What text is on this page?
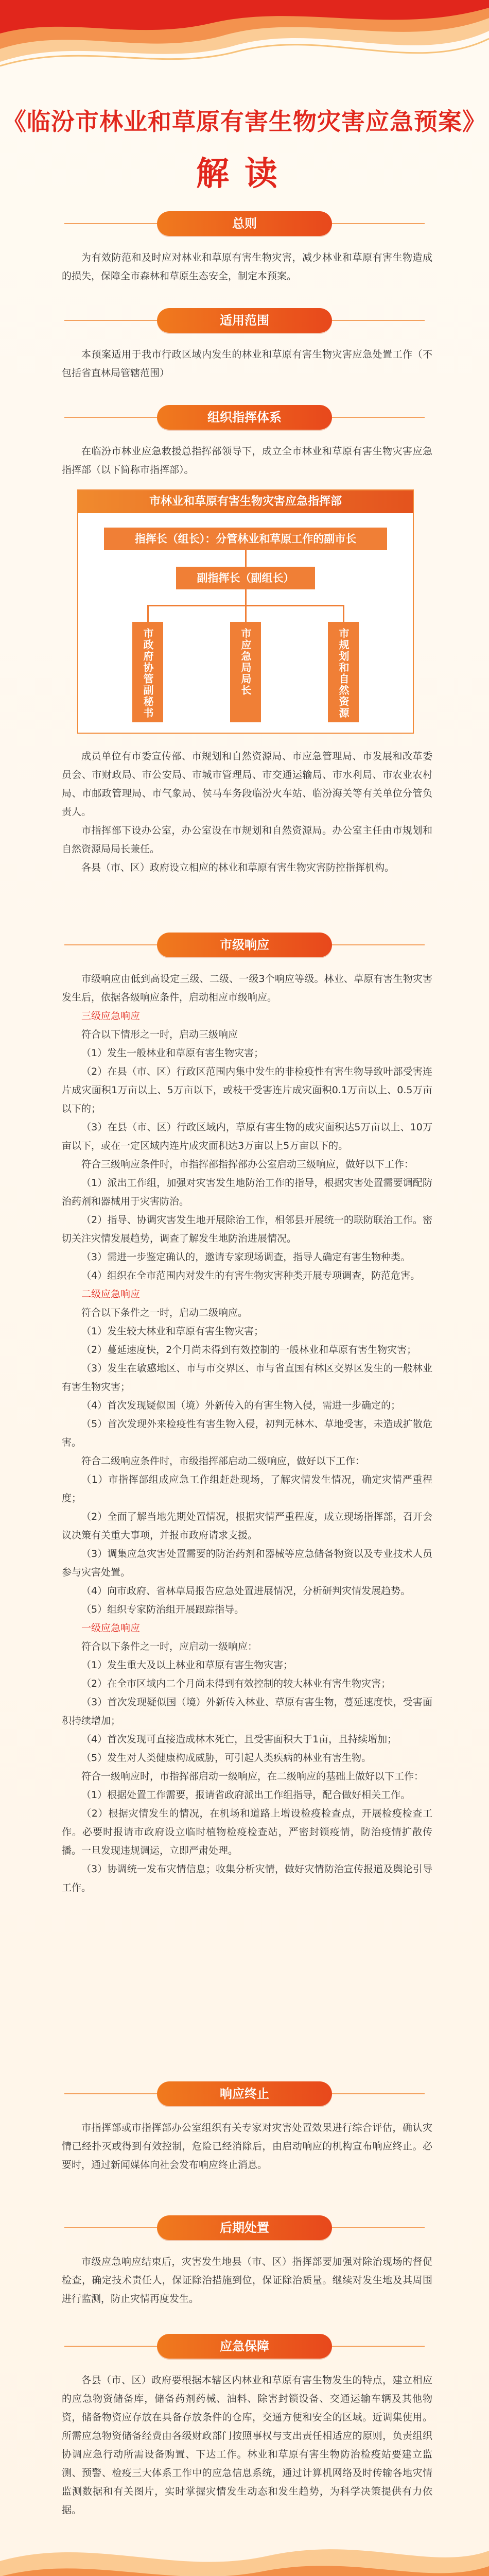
《临汾市林业和草原有害生物灾害应急预案》
解读
总则

为有效防范和及时应对林业和草原有害生物灾害，减少林业和草原有害生物造成的损失，保障全市森林和草原生态安全，制定本预案。

适用范围

本预案适用于我市行政区域内发生的林业和草原有害生物灾害应急处置工作（不包括省直林局管辖范围）

组织指挥体系

在临汾市林业应急救援总指挥部领导下，成立全市林业和草原有害生物灾害应急指挥部（以下简称市指挥部）。

市林业和草原有害生物灾害应急指挥部
指挥长（组长）：分管林业和草原工作的副市长
副指挥长（副组长）
市政府协管副秘书长	市应急局局长	市规划和自然资源局局长

成员单位有市委宣传部、市规划和自然资源局、市应急管理局、市发展和改革委员会、市财政局、市公安局、市城市管理局、市交通运输局、市水利局、市农业农村局、市邮政管理局、市气象局、侯马车务段临汾火车站、临汾海关等有关单位分管负责人。

市指挥部下设办公室，办公室设在市规划和自然资源局。办公室主任由市规划和自然资源局局长兼任。

各县（市、区）政府设立相应的林业和草原有害生物灾害防控指挥机构。

市级响应

市级响应由低到高设定三级、二级、一级3个响应等级。林业、草原有害生物灾害发生后，依据各级响应条件，启动相应市级响应。

三级应急响应

符合以下情形之一时，启动三级响应

（1）发生一般林业和草原有害生物灾害；

（2）在县（市、区）行政区范围内集中发生的非检疫性有害生物导致叶部受害连片成灾面积1万亩以上、5万亩以下，或枝干受害连片成灾面积0.1万亩以上、0.5万亩以下的；

（3）在县（市、区）行政区域内，草原有害生物的成灾面积达5万亩以上、10万亩以下，或在一定区域内连片成灾面积达3万亩以上5万亩以下的。

符合三级响应条件时，市指挥部指挥部办公室启动三级响应，做好以下工作：

（1）派出工作组，加强对灾害发生地防治工作的指导，根据灾害处置需要调配防治药剂和器械用于灾害防治。

（2）指导、协调灾害发生地开展除治工作，相邻县开展统一的联防联治工作。密切关注灾情发展趋势，调查了解发生地防治进展情况。

（3）需进一步鉴定确认的，邀请专家现场调查，指导人确定有害生物种类。

（4）组织在全市范围内对发生的有害生物灾害种类开展专项调查，防范危害。

二级应急响应

符合以下条件之一时，启动二级响应。

（1）发生较大林业和草原有害生物灾害；

（2）蔓延速度快，2个月尚未得到有效控制的一般林业和草原有害生物灾害；

（3）发生在敏感地区、市与市交界区、市与省直国有林区交界区发生的一般林业有害生物灾害；

（4）首次发现疑似国（境）外新传入的有害生物入侵，需进一步确定的；

（5）首次发现外来检疫性有害生物入侵，初判无林木、草地受害，未造成扩散危害。

符合二级响应条件时，市级指挥部启动二级响应，做好以下工作：

（1）市指挥部组成应急工作组赶赴现场，了解灾情发生情况，确定灾情严重程度；

（2）全面了解当地先期处置情况，根据灾情严重程度，成立现场指挥部，召开会议决策有关重大事项，并报市政府请求支援。

（3）调集应急灾害处置需要的防治药剂和器械等应急储备物资以及专业技术人员参与灾害处置。

（4）向市政府、省林草局报告应急处置进展情况，分析研判灾情发展趋势。

（5）组织专家防治组开展跟踪指导。

一级应急响应

符合以下条件之一时，应启动一级响应：

（1）发生重大及以上林业和草原有害生物灾害；

（2）在全市区域内二个月尚未得到有效控制的较大林业有害生物灾害；

（3）首次发现疑似国（境）外新传入林业、草原有害生物，蔓延速度快，受害面积持续增加；

（4）首次发现可直接造成林木死亡，且受害面积大于1亩，且持续增加；

（5）发生对人类健康构成威胁，可引起人类疾病的林业有害生物。

符合一级响应时，市指挥部启动一级响应，在二级响应的基础上做好以下工作：

（1）根据处置工作需要，报请省政府派出工作组指导，配合做好相关工作。

（2）根据灾情发生的情况，在机场和道路上增设检疫检查点，开展检疫检查工作。必要时报请市政府设立临时植物检疫检查站，严密封锁疫情，防治疫情扩散传播。一旦发现违规调运，立即严肃处理。

（3）协调统一发布灾情信息；收集分析灾情，做好灾情防治宣传报道及舆论引导工作。

响应终止

市指挥部或市指挥部办公室组织有关专家对灾害处置效果进行综合评估，确认灾情已经扑灭或得到有效控制，危险已经消除后，由启动响应的机构宣布响应终止。必要时，通过新闻媒体向社会发布响应终止消息。

后期处置

市级应急响应结束后，灾害发生地县（市、区）指挥部要加强对除治现场的督促检查，确定技术责任人，保证除治措施到位，保证除治质量。继续对发生地及其周围进行监测，防止灾情再度发生。

应急保障

各县（市、区）政府要根据本辖区内林业和草原有害生物发生的特点，建立相应的应急物资储备库，储备药剂药械、油料、除害封锁设备、交通运输车辆及其他物资，储备物资应存放在具备存放条件的仓库，交通方便和安全的区域。近调集使用。所需应急物资储备经费由各级财政部门按照事权与支出责任相适应的原则，负责组织协调应急行动所需设备购置、下达工作。林业和草原有害生物防治检疫站要建立监测、预警、检疫三大体系工作中的应急信息系统，通过计算机网络及时传输各地灾情监测数据和有关图片，实时掌握灾情发生动态和发生趋势，为科学决策提供有力依据。
